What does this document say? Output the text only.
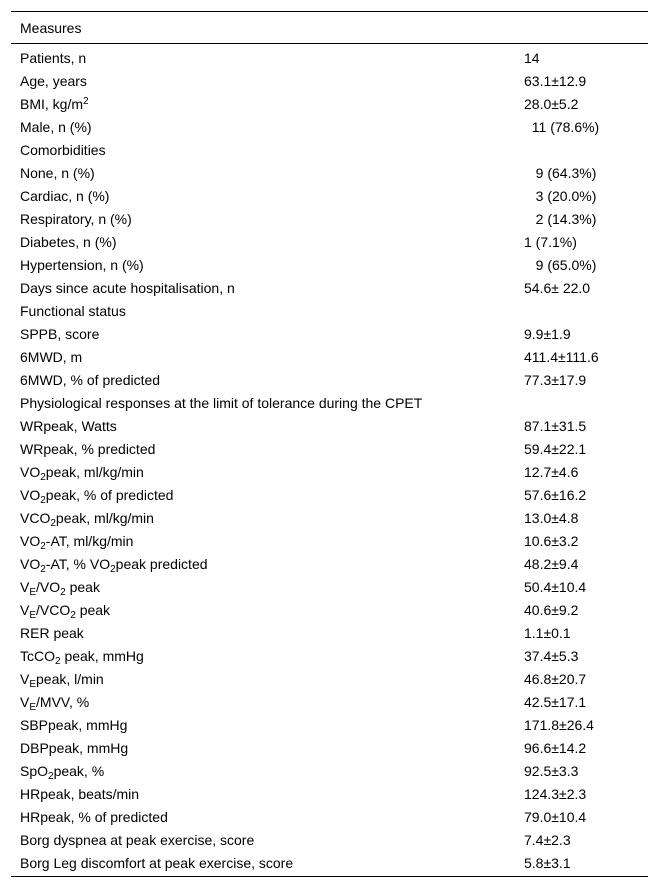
Measures
Patients, n	14
Age, years	63.1±12.9
BMI, $kg/m^2$	28.0±5.2
Male, n (%)	11 (78.6%)
Comorbidities
None, n (%)	9 (64.3%)
Cardiac, n (%)	3 (20.0%)
Respiratory, n (%)	2 (14.3%)
Diabetes, n (%)	1 (7.1%)
Hypertension, n (%)	9 (65.0%)
Days since acute hospitalisation, n	54.6± 22.0
Functional status
SPPB, score	9.9±1.9
6MWD, m	411.4±111.6
6MWD, % of predicted	77.3±17.9
Physiological responses at the limit of tolerance during the CPET
WRpeak, Watts	87.1±31.5
WRpeak, % predicted	59.4±22.1
$VO_2peak$, ml/kg/min	12.7±4.6
$VO_2peak$, % of predicted	57.6±16.2
$VCO_2peak$, ml/kg/min	13.0±4.8
$VO_2-AT$, ml/kg/min	10.6±3.2
$VO_2-AT$, % $VO_2peak$ predicted	48.2±9.4
$V_E/VO_2$ peak	50.4±10.4
$V_E/VCO_2$ peak	40.6±9.2
RER peak	1.1±0.1
TcCO$_2$ peak, mmHg	37.4±5.3
$V_Epeak$, l/min	46.8±20.7
$V_E$/MVV, %	42.5±17.1
SBPpeak, mmHg	171.8±26.4
DBPpeak, mmHg	96.6±14.2
SpO$_2$peak, %	92.5±3.3
HRpeak, beats/min	124.3±2.3
HRpeak, % of predicted	79.0±10.4
Borg dyspnea at peak exercise, score	7.4±2.3
Borg Leg discomfort at peak exercise, score	5.8±3.1
